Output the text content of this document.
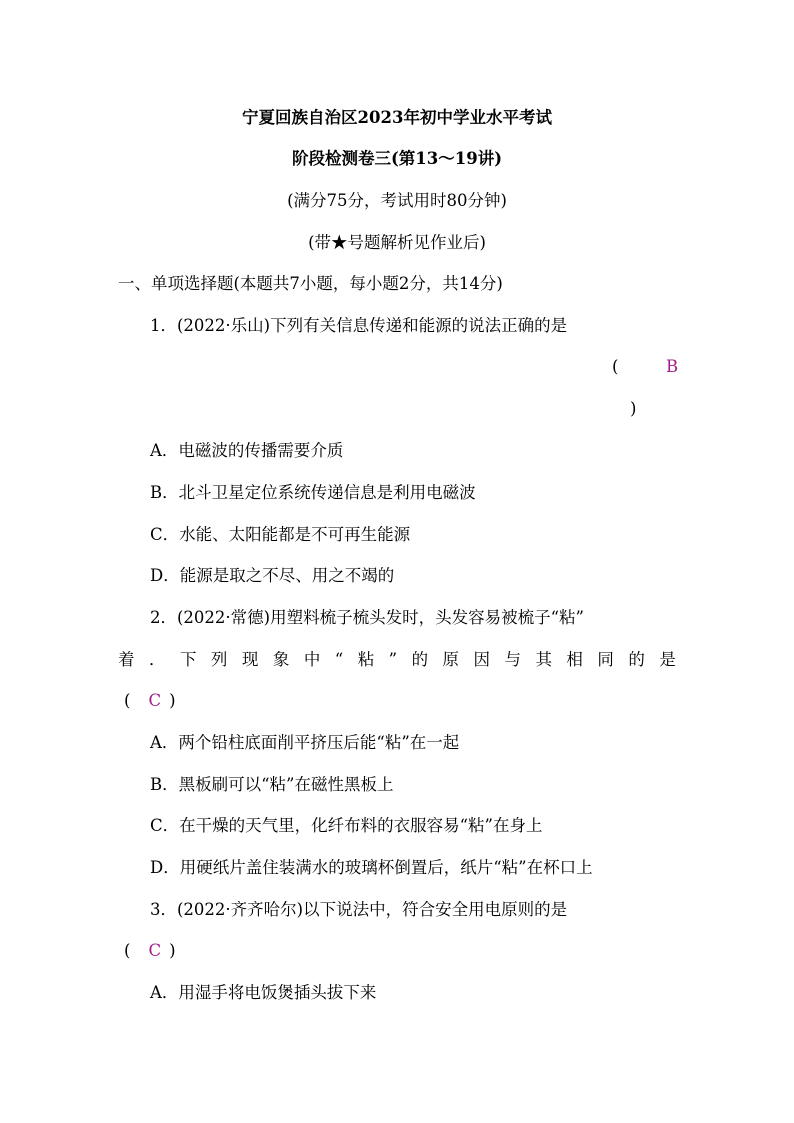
宁夏回族自治区2023年初中学业水平考试
阶段检测卷三(第13～19讲)
(满分75分，考试用时80分钟)
(带★号题解析见作业后)
一、单项选择题(本题共7小题，每小题2分，共14分)
1．(2022·乐山)下列有关信息传递和能源的说法正确的是
(	B
)
A．电磁波的传播需要介质
B．北斗卫星定位系统传递信息是利用电磁波
C．水能、太阳能都是不可再生能源
D．能源是取之不尽、用之不竭的
2．(2022·常德)用塑料梳子梳头发时，头发容易被梳子“粘”
着 ． 下 列 现 象 中 “ 粘 ” 的 原 因 与 其 相 同 的 是
( C )
A．两个铅柱底面削平挤压后能“粘”在一起
B．黑板刷可以“粘”在磁性黑板上
C．在干燥的天气里，化纤布料的衣服容易“粘”在身上
D．用硬纸片盖住装满水的玻璃杯倒置后，纸片“粘”在杯口上
3．(2022·齐齐哈尔)以下说法中，符合安全用电原则的是
( C )
A．用湿手将电饭煲插头拔下来
